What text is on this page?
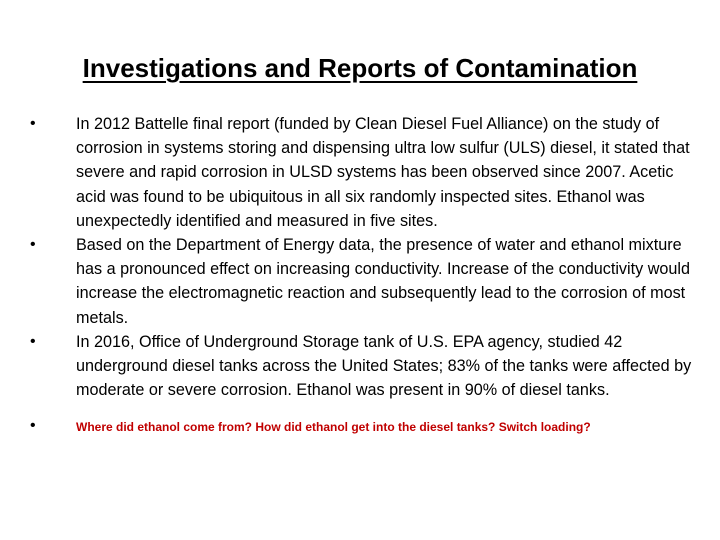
Investigations and Reports of Contamination
•	In 2012 Battelle final report (funded by Clean Diesel Fuel Alliance) on the study of corrosion in systems storing and dispensing ultra low sulfur (ULS) diesel, it stated that severe and rapid corrosion in ULSD systems has been observed since 2007. Acetic acid was found to be ubiquitous in all six randomly inspected sites. Ethanol was unexpectedly identified and measured in five sites.
•	Based on the Department of Energy data, the presence of water and ethanol mixture has a pronounced effect on increasing conductivity. Increase of the conductivity would increase the electromagnetic reaction and subsequently lead to the corrosion of most metals.
•	In 2016, Office of Underground Storage tank of U.S. EPA agency, studied 42 underground diesel tanks across the United States; 83% of the tanks were affected by moderate or severe corrosion. Ethanol was present in 90% of diesel tanks.
•	Where did ethanol come from? How did ethanol get into the diesel tanks? Switch loading?
